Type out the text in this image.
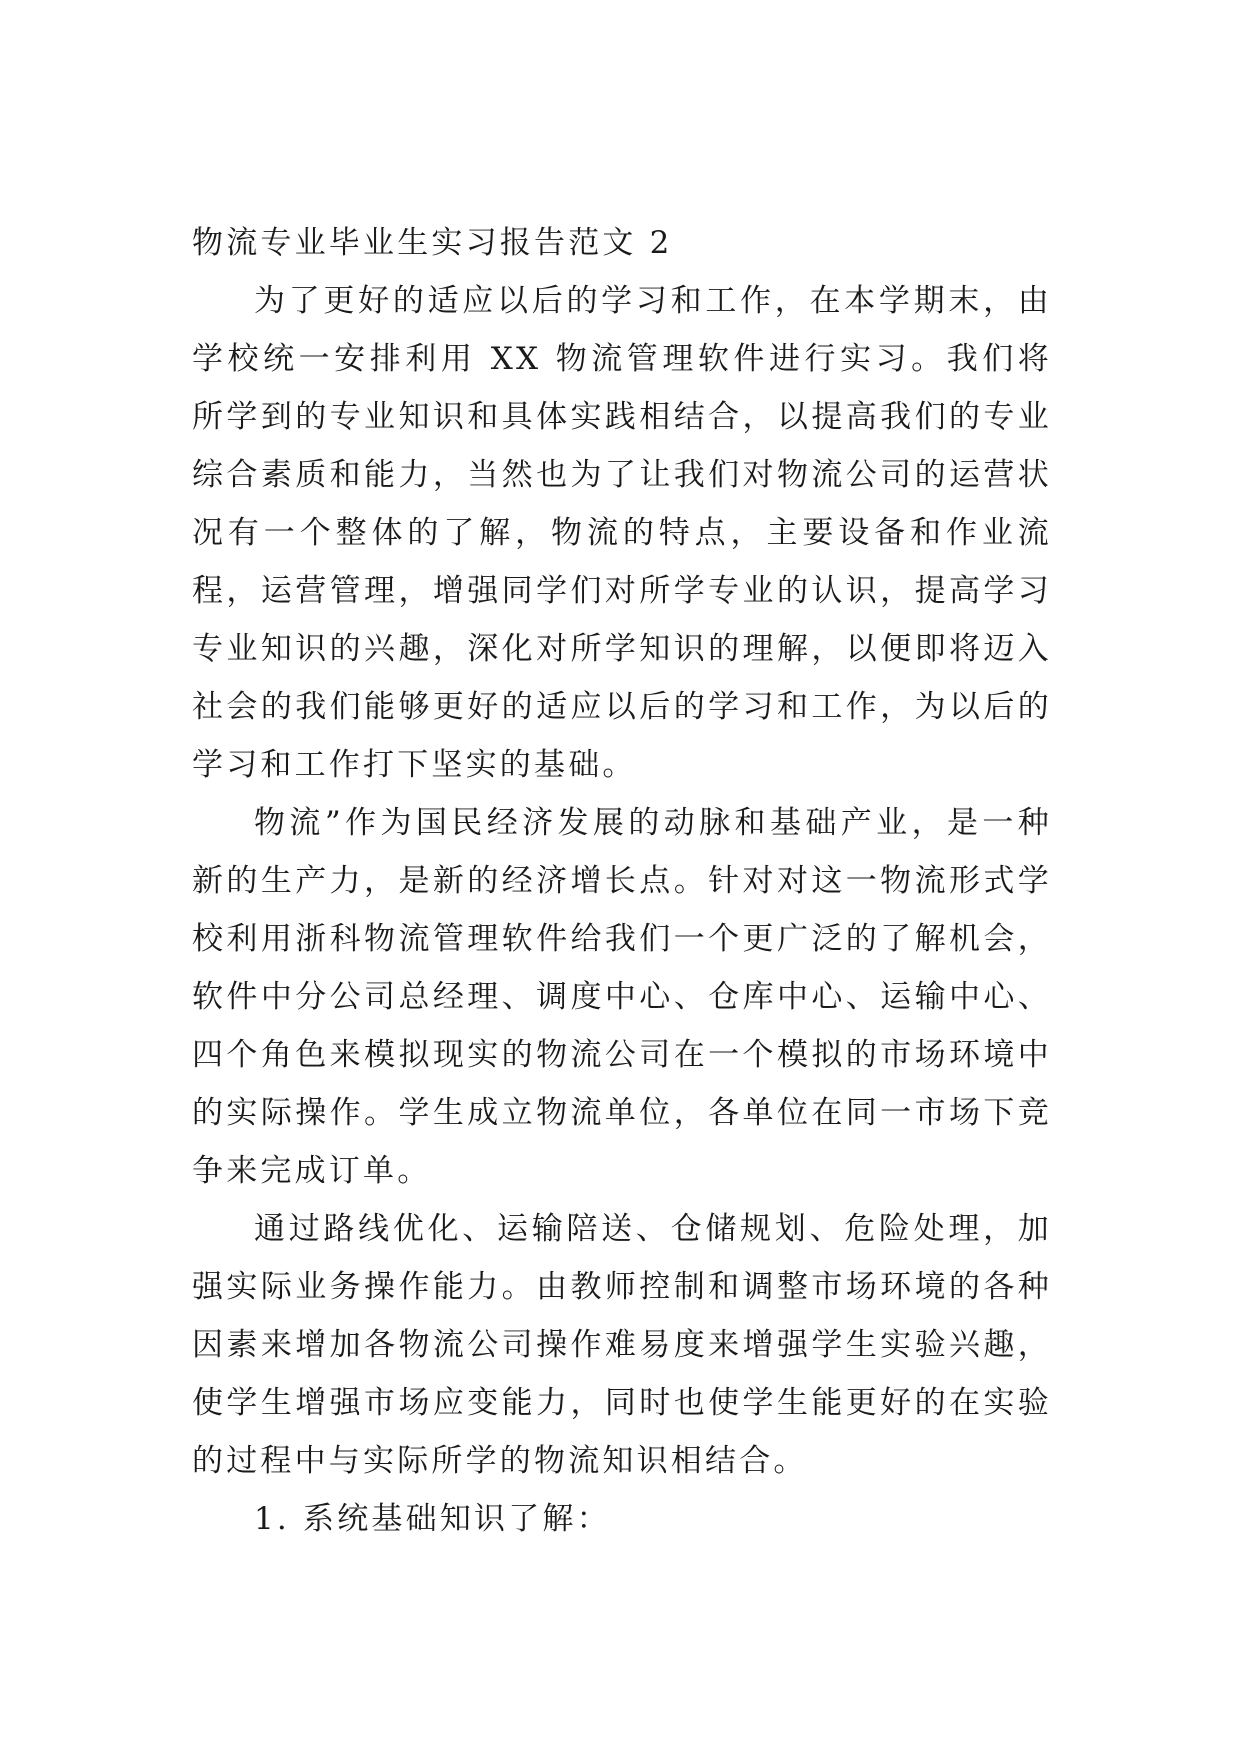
物流专业毕业生实习报告范文 2

为了更好的适应以后的学习和工作，在本学期末，由学校统一安排利用 XX 物流管理软件进行实习。我们将所学到的专业知识和具体实践相结合，以提高我们的专业综合素质和能力，当然也为了让我们对物流公司的运营状况有一个整体的了解，物流的特点，主要设备和作业流程，运营管理，增强同学们对所学专业的认识，提高学习专业知识的兴趣，深化对所学知识的理解，以便即将迈入社会的我们能够更好的适应以后的学习和工作，为以后的学习和工作打下坚实的基础。

物流”作为国民经济发展的动脉和基础产业，是一种新的生产力，是新的经济增长点。针对对这一物流形式学校利用浙科物流管理软件给我们一个更广泛的了解机会，软件中分公司总经理、调度中心、仓库中心、运输中心、四个角色来模拟现实的物流公司在一个模拟的市场环境中的实际操作。学生成立物流单位，各单位在同一市场下竞争来完成订单。

通过路线优化、运输陪送、仓储规划、危险处理，加强实际业务操作能力。由教师控制和调整市场环境的各种因素来增加各物流公司操作难易度来增强学生实验兴趣，使学生增强市场应变能力，同时也使学生能更好的在实验的过程中与实际所学的物流知识相结合。

1. 系统基础知识了解：
